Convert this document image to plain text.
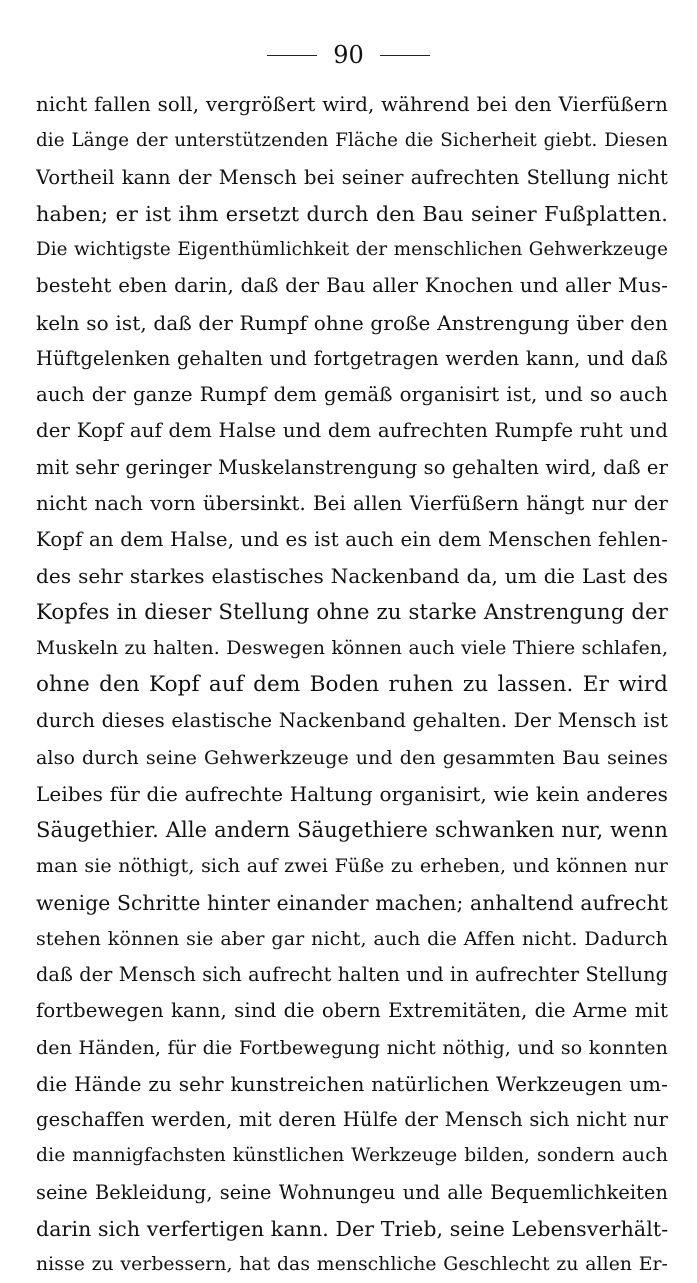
90
nicht fallen soll, vergrößert wird, während bei den Vierfüßern
die Länge der unterstützenden Fläche die Sicherheit giebt. Diesen
Vortheil kann der Mensch bei seiner aufrechten Stellung nicht
haben; er ist ihm ersetzt durch den Bau seiner Fußplatten.
Die wichtigste Eigenthümlichkeit der menschlichen Gehwerkzeuge
besteht eben darin, daß der Bau aller Knochen und aller Mus-
keln so ist, daß der Rumpf ohne große Anstrengung über den
Hüftgelenken gehalten und fortgetragen werden kann, und daß
auch der ganze Rumpf dem gemäß organisirt ist, und so auch
der Kopf auf dem Halse und dem aufrechten Rumpfe ruht und
mit sehr geringer Muskelanstrengung so gehalten wird, daß er
nicht nach vorn übersinkt. Bei allen Vierfüßern hängt nur der
Kopf an dem Halse, und es ist auch ein dem Menschen fehlen-
des sehr starkes elastisches Nackenband da, um die Last des
Kopfes in dieser Stellung ohne zu starke Anstrengung der
Muskeln zu halten. Deswegen können auch viele Thiere schlafen,
ohne den Kopf auf dem Boden ruhen zu lassen. Er wird
durch dieses elastische Nackenband gehalten. Der Mensch ist
also durch seine Gehwerkzeuge und den gesammten Bau seines
Leibes für die aufrechte Haltung organisirt, wie kein anderes
Säugethier. Alle andern Säugethiere schwanken nur, wenn
man sie nöthigt, sich auf zwei Füße zu erheben, und können nur
wenige Schritte hinter einander machen; anhaltend aufrecht
stehen können sie aber gar nicht, auch die Affen nicht. Dadurch
daß der Mensch sich aufrecht halten und in aufrechter Stellung
fortbewegen kann, sind die obern Extremitäten, die Arme mit
den Händen, für die Fortbewegung nicht nöthig, und so konnten
die Hände zu sehr kunstreichen natürlichen Werkzeugen um-
geschaffen werden, mit deren Hülfe der Mensch sich nicht nur
die mannigfachsten künstlichen Werkzeuge bilden, sondern auch
seine Bekleidung, seine Wohnungeu und alle Bequemlichkeiten
darin sich verfertigen kann. Der Trieb, seine Lebensverhält-
nisse zu verbessern, hat das menschliche Geschlecht zu allen Er-
